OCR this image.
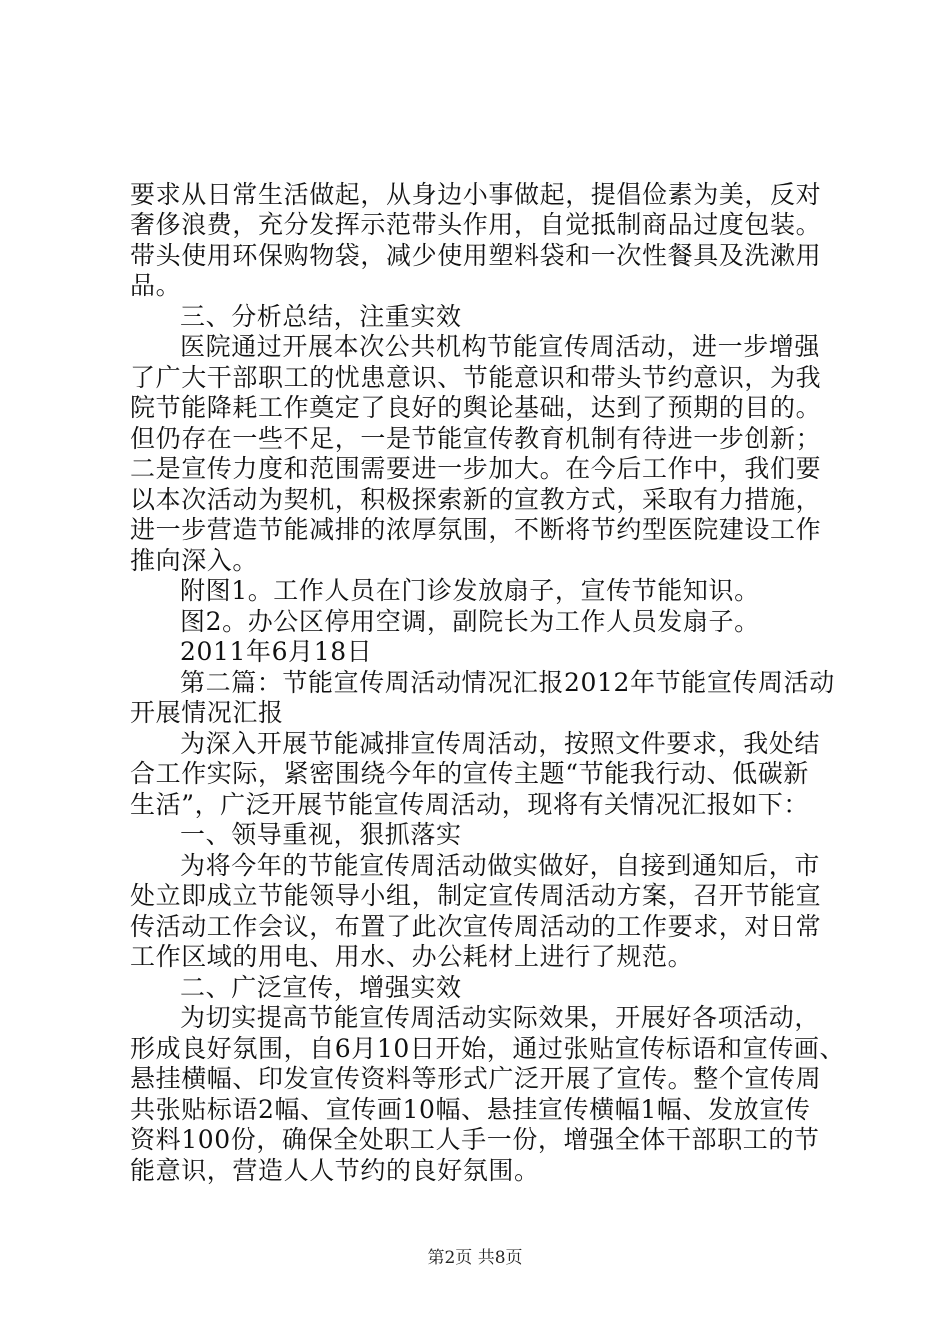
要求从日常生活做起，从身边小事做起，提倡俭素为美，反对
奢侈浪费，充分发挥示范带头作用，自觉抵制商品过度包装。
带头使用环保购物袋，减少使用塑料袋和一次性餐具及洗漱用
品。
三、分析总结，注重实效
医院通过开展本次公共机构节能宣传周活动，进一步增强
了广大干部职工的忧患意识、节能意识和带头节约意识，为我
院节能降耗工作奠定了良好的舆论基础，达到了预期的目的。
但仍存在一些不足，一是节能宣传教育机制有待进一步创新；
二是宣传力度和范围需要进一步加大。在今后工作中，我们要
以本次活动为契机，积极探索新的宣教方式，采取有力措施，
进一步营造节能减排的浓厚氛围，不断将节约型医院建设工作
推向深入。
附图1。工作人员在门诊发放扇子，宣传节能知识。
图2。办公区停用空调，副院长为工作人员发扇子。
2011年6月18日
第二篇：节能宣传周活动情况汇报2012年节能宣传周活动
开展情况汇报
为深入开展节能减排宣传周活动，按照文件要求，我处结
合工作实际，紧密围绕今年的宣传主题“节能我行动、低碳新
生活”，广泛开展节能宣传周活动，现将有关情况汇报如下：
一、领导重视，狠抓落实
为将今年的节能宣传周活动做实做好，自接到通知后，市
处立即成立节能领导小组，制定宣传周活动方案，召开节能宣
传活动工作会议，布置了此次宣传周活动的工作要求，对日常
工作区域的用电、用水、办公耗材上进行了规范。
二、广泛宣传，增强实效
为切实提高节能宣传周活动实际效果，开展好各项活动，
形成良好氛围，自6月10日开始，通过张贴宣传标语和宣传画、
悬挂横幅、印发宣传资料等形式广泛开展了宣传。整个宣传周
共张贴标语2幅、宣传画10幅、悬挂宣传横幅1幅、发放宣传
资料100份，确保全处职工人手一份，增强全体干部职工的节
能意识，营造人人节约的良好氛围。
第2页 共8页
